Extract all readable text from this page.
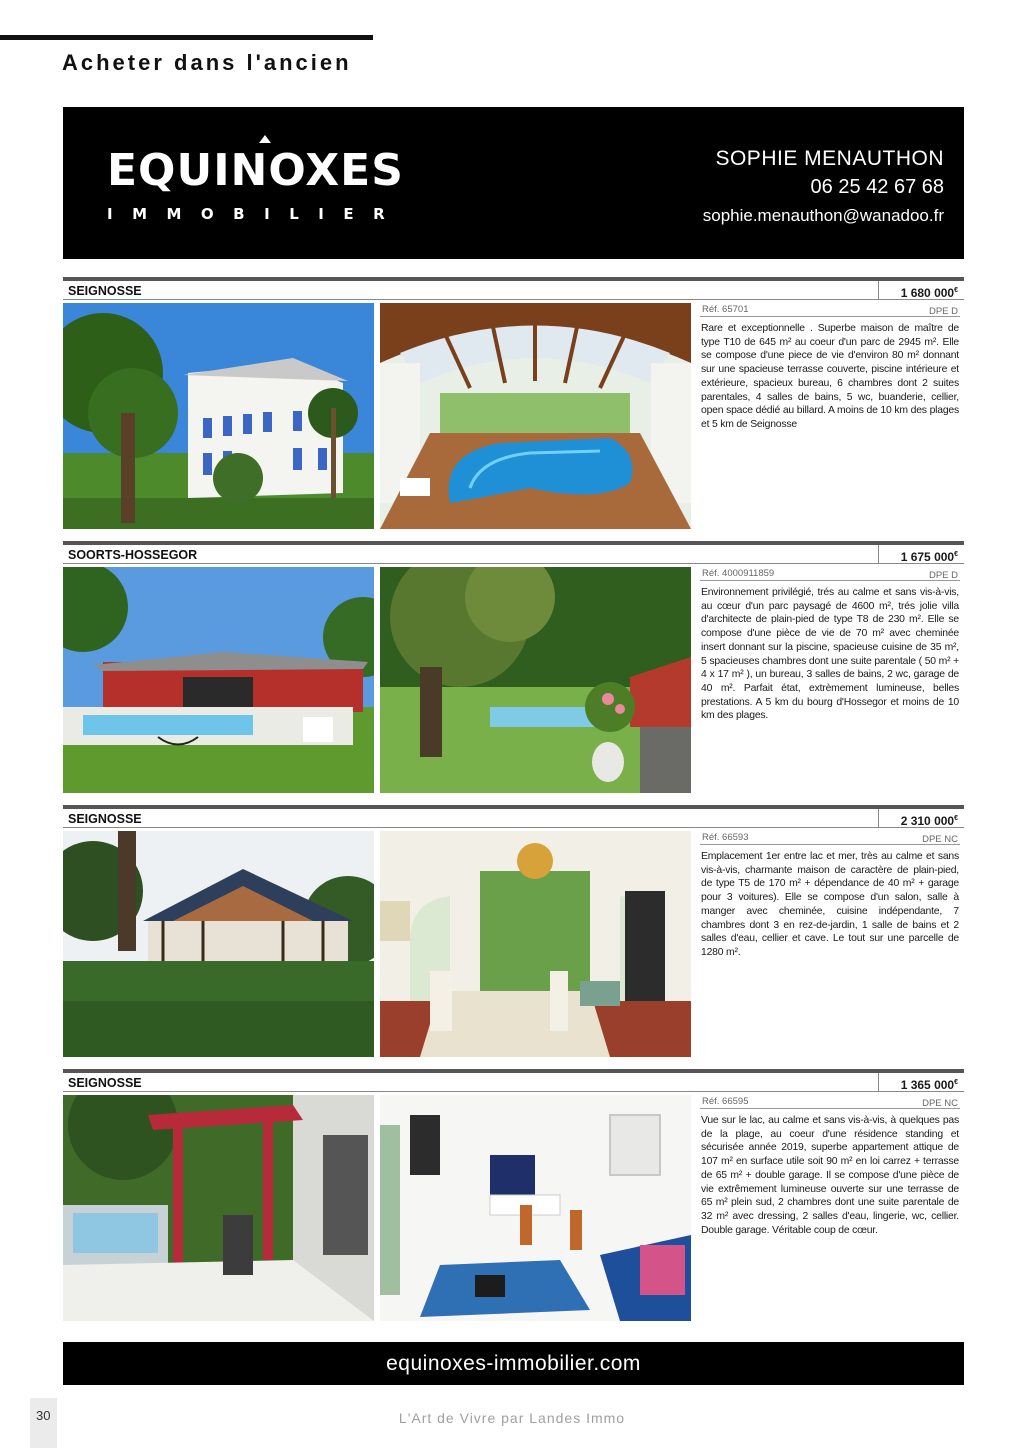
Acheter dans l'ancien
EQUINOXES
IMMOBILIER
SOPHIE MENAUTHON
06 25 42 67 68
sophie.menauthon@wanadoo.fr
SEIGNOSSE	1 680 000€
Réf. 65701	DPE D
Rare et exceptionnelle . Superbe maison de maître de type T10 de 645 m² au coeur d'un parc de 2945 m². Elle se compose d'une piece de vie d'environ 80 m² donnant sur une spacieuse terrasse couverte, piscine intérieure et extérieure, spacieux bureau, 6 chambres dont 2 suites parentales, 4 salles de bains, 5 wc, buanderie, cellier, open space dédié au billard. A moins de 10 km des plages et 5 km de Seignosse
SOORTS-HOSSEGOR	1 675 000€
Réf. 4000911859	DPE D
Environnement privilégié, trés au calme et sans vis-à-vis, au cœur d'un parc paysagé de 4600 m², trés jolie villa d'architecte de plain-pied de type T8 de 230 m². Elle se compose d'une pièce de vie de 70 m² avec cheminée insert donnant sur la piscine, spacieuse cuisine de 35 m², 5 spacieuses chambres dont une suite parentale ( 50 m² + 4 x 17 m² ), un bureau, 3 salles de bains, 2 wc, garage de 40 m². Parfait état, extrèmement lumineuse, belles prestations. A 5 km du bourg d'Hossegor et moins de 10 km des plages.
SEIGNOSSE	2 310 000€
Réf. 66593	DPE NC
Emplacement 1er entre lac et mer, très au calme et sans vis-à-vis, charmante maison de caractère de plain-pied, de type T5 de 170 m² + dépendance de 40 m² + garage pour 3 voitures). Elle se compose d'un salon, salle à manger avec cheminée, cuisine indépendante, 7 chambres dont 3 en rez-de-jardin, 1 salle de bains et 2 salles d'eau, cellier et cave. Le tout sur une parcelle de 1280 m².
SEIGNOSSE	1 365 000€
Réf. 66595	DPE NC
Vue sur le lac, au calme et sans vis-à-vis, à quelques pas de la plage, au coeur d'une résidence standing et sécurisée année 2019, superbe appartement attique de 107 m² en surface utile soit 90 m² en loi carrez + terrasse de 65 m² + double garage. Il se compose d'une pièce de vie extrêmement lumineuse ouverte sur une terrasse de 65 m² plein sud, 2 chambres dont une suite parentale de 32 m² avec dressing, 2 salles d'eau, lingerie, wc, cellier. Double garage. Véritable coup de cœur.
equinoxes-immobilier.com
30	L'Art de Vivre par Landes Immo
